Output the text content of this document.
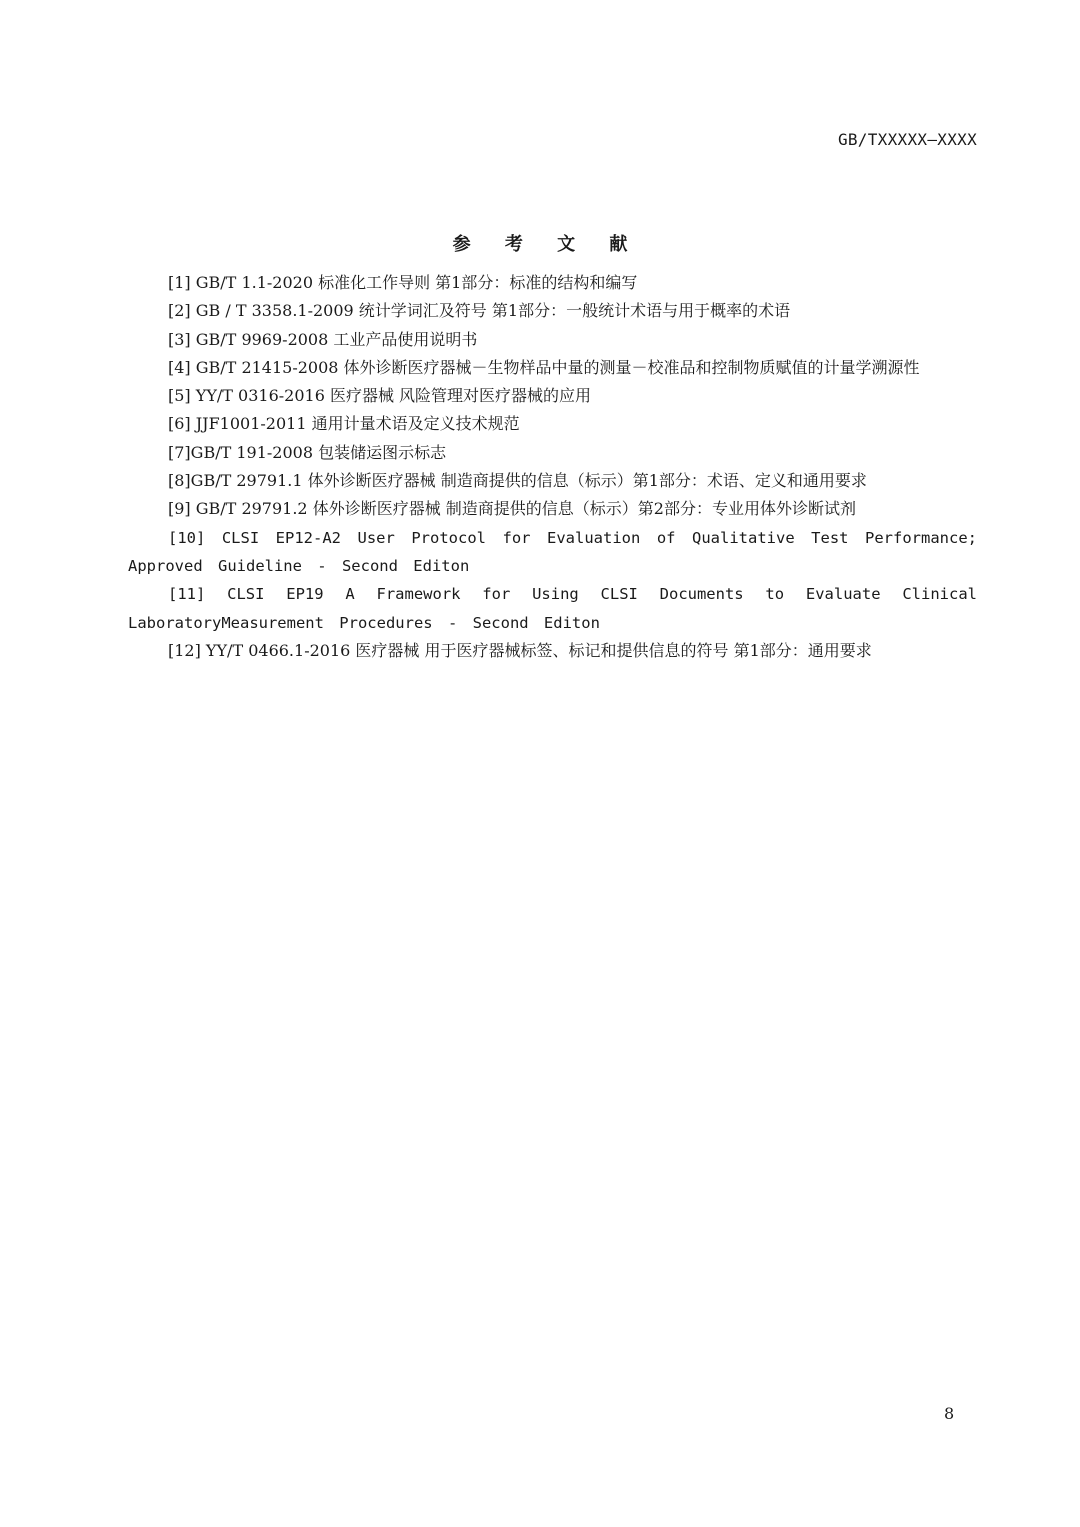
GB/TXXXXX—XXXX
参 考 文 献

[1] GB/T 1.1-2020 标准化工作导则 第1部分：标准的结构和编写

[2] GB / T 3358.1-2009 统计学词汇及符号 第1部分：一般统计术语与用于概率的术语

[3] GB/T 9969-2008 工业产品使用说明书

[4] GB/T 21415-2008 体外诊断医疗器械－生物样品中量的测量－校准品和控制物质赋值的计量学溯源性

[5] YY/T 0316-2016 医疗器械 风险管理对医疗器械的应用

[6] JJF1001-2011 通用计量术语及定义技术规范

[7]GB/T 191-2008 包装储运图示标志

[8]GB/T 29791.1 体外诊断医疗器械 制造商提供的信息（标示）第1部分：术语、定义和通用要求

[9] GB/T 29791.2 体外诊断医疗器械 制造商提供的信息（标示）第2部分：专业用体外诊断试剂

[10] CLSI EP12-A2 User Protocol for Evaluation of Qualitative Test Performance; Approved Guideline - Second Editon

[11] CLSI EP19 A Framework for Using CLSI Documents to Evaluate Clinical LaboratoryMeasurement Procedures - Second Editon

[12] YY/T 0466.1-2016 医疗器械 用于医疗器械标签、标记和提供信息的符号 第1部分：通用要求

8
